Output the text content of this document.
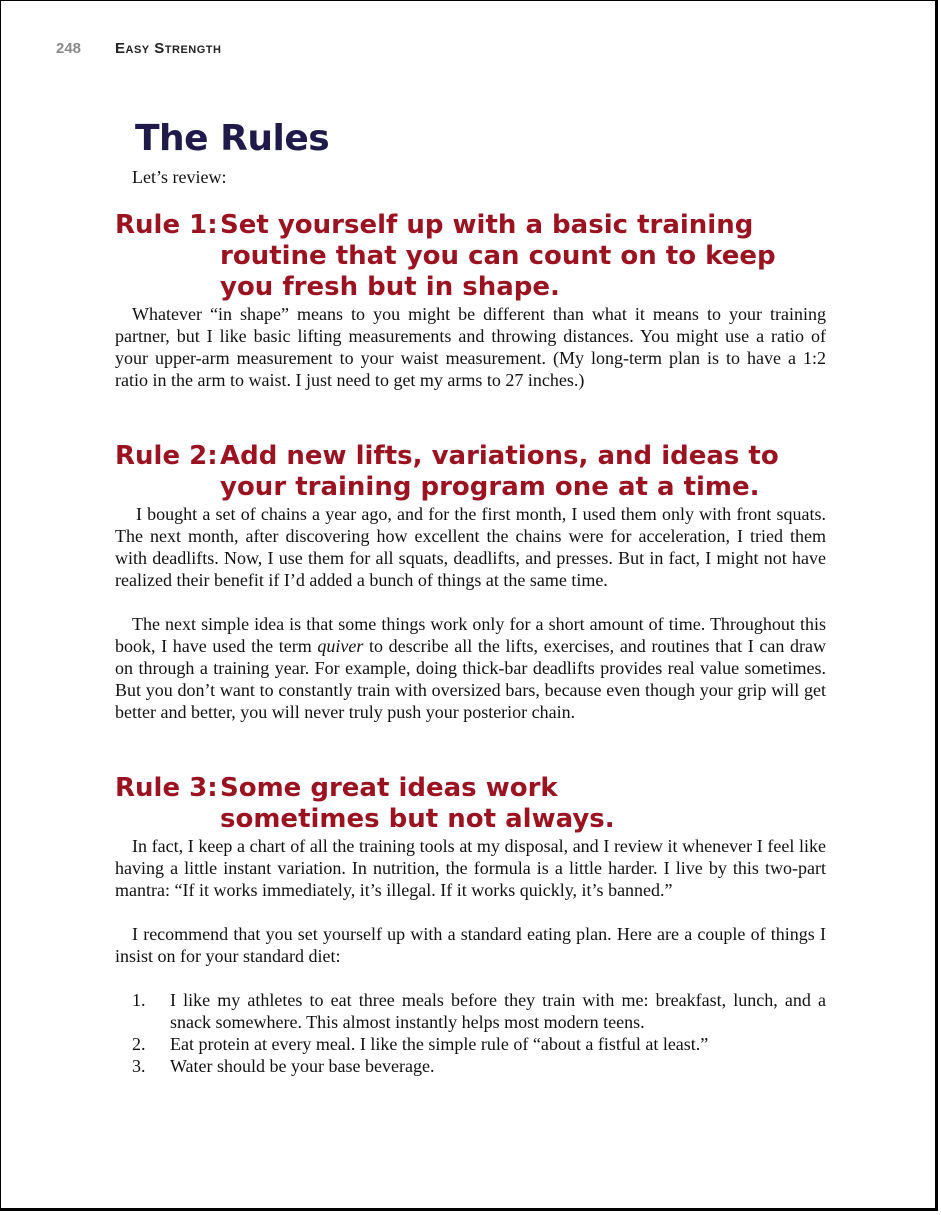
248	Easy Strength
The Rules

Let’s review:

Rule 1: Set yourself up with a basic training routine that you can count on to keep you fresh but in shape.

Whatever “in shape” means to you might be different than what it means to your training partner, but I like basic lifting measurements and throwing distances. You might use a ratio of your upper-arm measurement to your waist measurement. (My long-term plan is to have a 1:2 ratio in the arm to waist. I just need to get my arms to 27 inches.)

Rule 2: Add new lifts, variations, and ideas to your training program one at a time.

I bought a set of chains a year ago, and for the first month, I used them only with front squats. The next month, after discovering how excellent the chains were for acceleration, I tried them with deadlifts. Now, I use them for all squats, deadlifts, and presses. But in fact, I might not have realized their benefit if I’d added a bunch of things at the same time.

The next simple idea is that some things work only for a short amount of time. Throughout this book, I have used the term quiver to describe all the lifts, exercises, and routines that I can draw on through a training year. For example, doing thick-bar deadlifts provides real value sometimes. But you don’t want to constantly train with oversized bars, because even though your grip will get better and better, you will never truly push your posterior chain.

Rule 3: Some great ideas work sometimes but not always.

In fact, I keep a chart of all the training tools at my disposal, and I review it whenever I feel like having a little instant variation. In nutrition, the formula is a little harder. I live by this two-part mantra: “If it works immediately, it’s illegal. If it works quickly, it’s banned.”

I recommend that you set yourself up with a standard eating plan. Here are a couple of things I insist on for your standard diet:

1.	I like my athletes to eat three meals before they train with me: breakfast, lunch, and a snack somewhere. This almost instantly helps most modern teens.
2.	Eat protein at every meal. I like the simple rule of “about a fistful at least.”
3.	Water should be your base beverage.
